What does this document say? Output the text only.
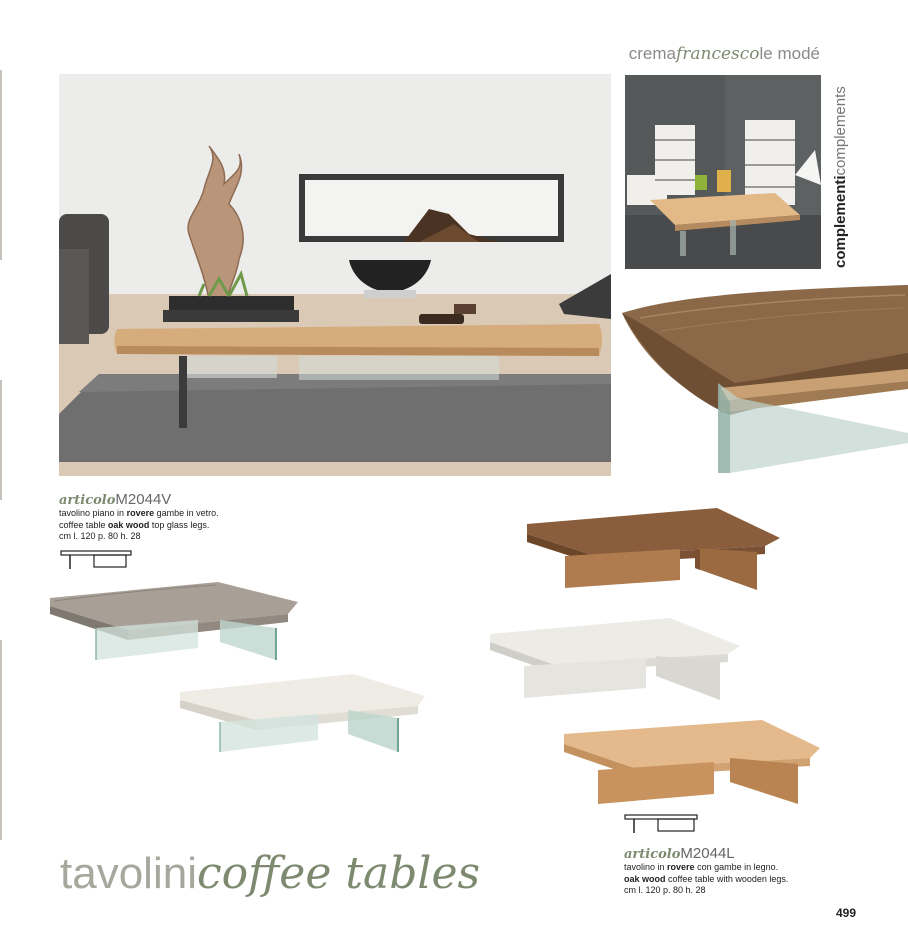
cremafrancescole modé
complementicomplements
articoloM2044V
tavolino piano in rovere gambe in vetro.
coffee table oak wood top glass legs.
cm l. 120 p. 80 h. 28
articoloM2044L
tavolino in rovere con gambe in legno.
oak wood coffee table with wooden legs.
cm l. 120 p. 80 h. 28
tavolinicoffee tables
499
